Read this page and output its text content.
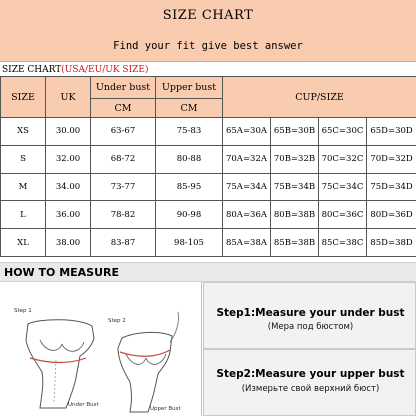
SIZE CHART
Find your fit give best answer
SIZE CHART(USA/EU/UK SIZE)
SIZE	UK	Under bust	Upper bust	CUP/SIZE			
		CM	CM				
XS	30.00	63-67	75-83	65A=30A	65B=30B	65C=30C	65D=30D
S	32.00	68-72	80-88	70A=32A	70B=32B	70C=32C	70D=32D
M	34.00	73-77	85-95	75A=34A	75B=34B	75C=34C	75D=34D
L	36.00	78-82	90-98	80A=36A	80B=38B	80C=36C	80D=36D
XL	38.00	83-87	98-105	85A=38A	85B=38B	85C=38C	85D=38D
HOW TO MEASURE
Step 1
Under Bust
Step 2
Upper Bust
Step1:Measure your under bust
(Мера под бюстом)
Step2:Measure your upper bust
(Измерьте свой верхний бюст)
